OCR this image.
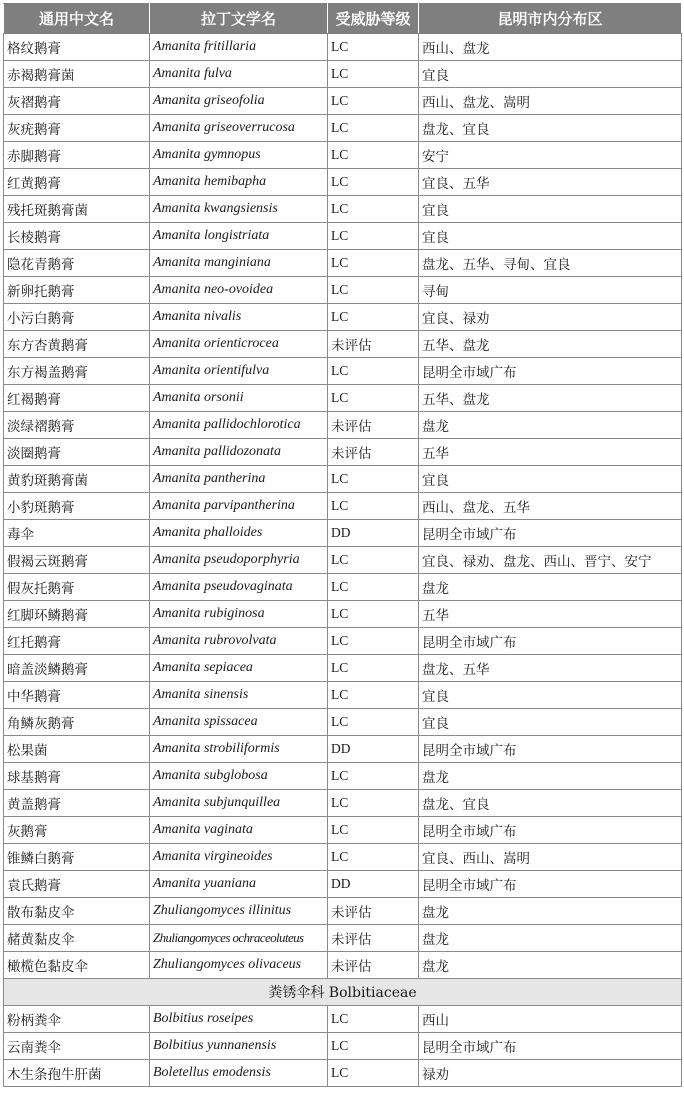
通用中文名	拉丁文学名	受威胁等级	昆明市内分布区
格纹鹅膏	Amanita fritillaria	LC	西山、盘龙
赤褐鹅膏菌	Amanita fulva	LC	宜良
灰褶鹅膏	Amanita griseofolia	LC	西山、盘龙、嵩明
灰疣鹅膏	Amanita griseoverrucosa	LC	盘龙、宜良
赤脚鹅膏	Amanita gymnopus	LC	安宁
红黄鹅膏	Amanita hemibapha	LC	宜良、五华
残托斑鹅膏菌	Amanita kwangsiensis	LC	宜良
长棱鹅膏	Amanita longistriata	LC	宜良
隐花青鹅膏	Amanita manginiana	LC	盘龙、五华、寻甸、宜良
新卵托鹅膏	Amanita neo-ovoidea	LC	寻甸
小污白鹅膏	Amanita nivalis	LC	宜良、禄劝
东方杏黄鹅膏	Amanita orienticrocea	未评估	五华、盘龙
东方褐盖鹅膏	Amanita orientifulva	LC	昆明全市域广布
红褐鹅膏	Amanita orsonii	LC	五华、盘龙
淡绿褶鹅膏	Amanita pallidochlorotica	未评估	盘龙
淡圈鹅膏	Amanita pallidozonata	未评估	五华
黄豹斑鹅膏菌	Amanita pantherina	LC	宜良
小豹斑鹅膏	Amanita parvipantherina	LC	西山、盘龙、五华
毒伞	Amanita phalloides	DD	昆明全市域广布
假褐云斑鹅膏	Amanita pseudoporphyria	LC	宜良、禄劝、盘龙、西山、晋宁、安宁
假灰托鹅膏	Amanita pseudovaginata	LC	盘龙
红脚环鳞鹅膏	Amanita rubiginosa	LC	五华
红托鹅膏	Amanita rubrovolvata	LC	昆明全市域广布
暗盖淡鳞鹅膏	Amanita sepiacea	LC	盘龙、五华
中华鹅膏	Amanita sinensis	LC	宜良
角鳞灰鹅膏	Amanita spissacea	LC	宜良
松果菌	Amanita strobiliformis	DD	昆明全市域广布
球基鹅膏	Amanita subglobosa	LC	盘龙
黄盖鹅膏	Amanita subjunquillea	LC	盘龙、宜良
灰鹅膏	Amanita vaginata	LC	昆明全市域广布
锥鳞白鹅膏	Amanita virgineoides	LC	宜良、西山、嵩明
袁氏鹅膏	Amanita yuaniana	DD	昆明全市域广布
散布黏皮伞	Zhuliangomyces illinitus	未评估	盘龙
赭黄黏皮伞	Zhuliangomyces ochraceoluteus	未评估	盘龙
橄榄色黏皮伞	Zhuliangomyces olivaceus	未评估	盘龙
粪锈伞科 Bolbitiaceae			
粉柄粪伞	Bolbitius roseipes	LC	西山
云南粪伞	Bolbitius yunnanensis	LC	昆明全市域广布
木生条孢牛肝菌	Boletellus emodensis	LC	禄劝
